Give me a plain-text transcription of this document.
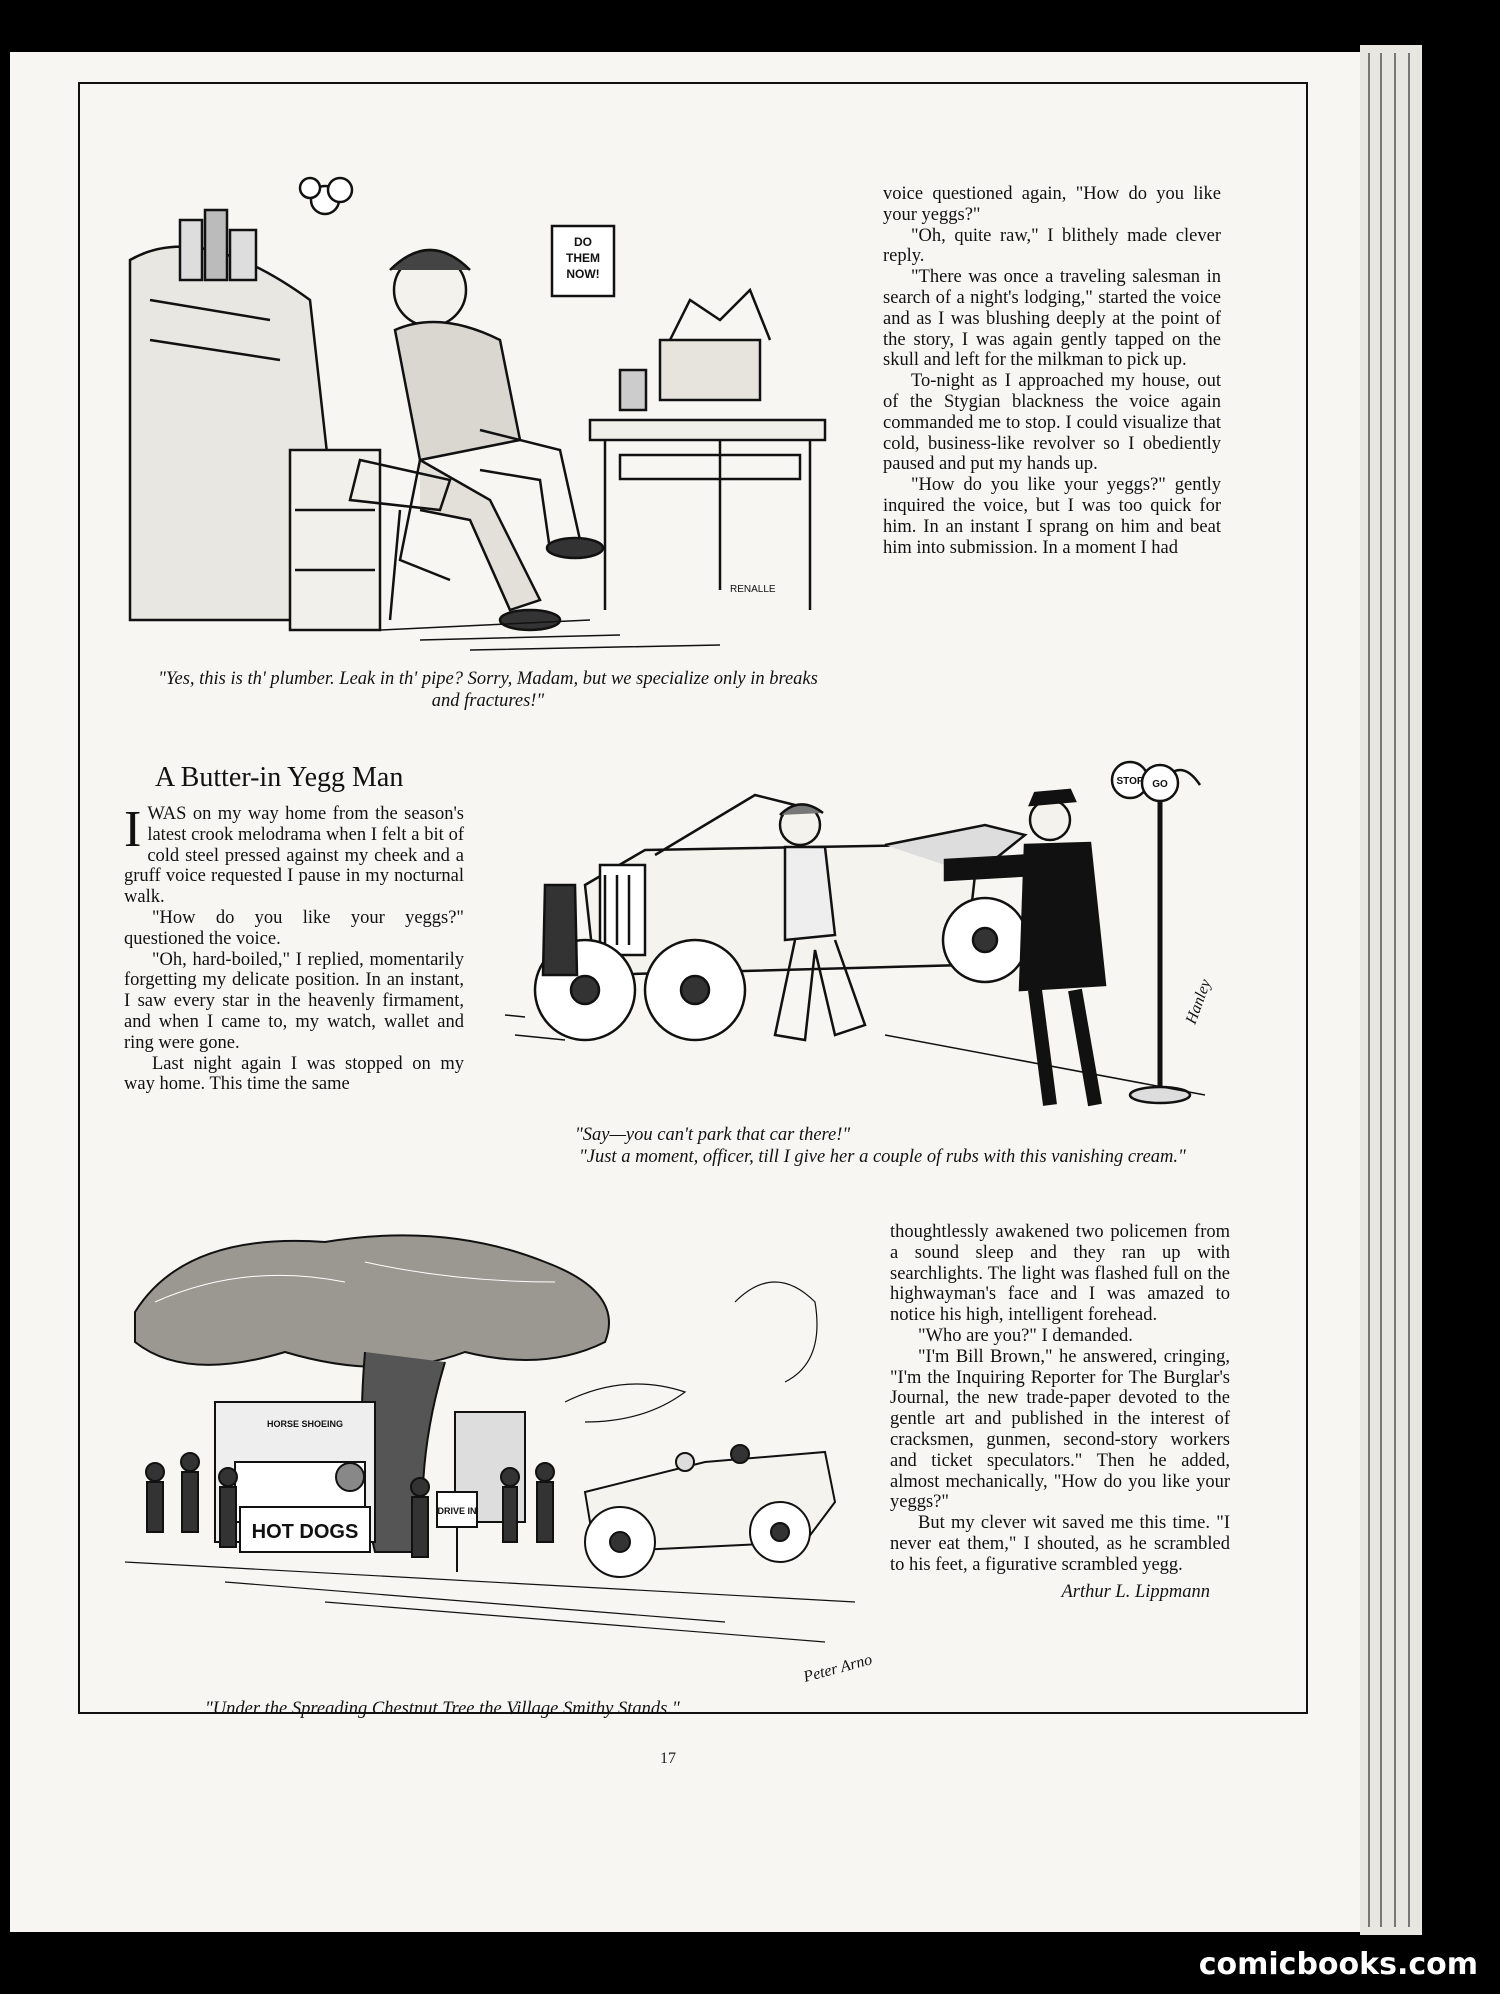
DO
THEM
NOW!
RENALLE
"Yes, this is th' plumber. Leak in th' pipe? Sorry, Madam, but we specialize only in breaks and fractures!"

voice questioned again, "How do you like your yeggs?"

"Oh, quite raw," I blithely made clever reply.

"There was once a traveling salesman in search of a night's lodging," started the voice and as I was blushing deeply at the point of the story, I was again gently tapped on the skull and left for the milkman to pick up.

To-night as I approached my house, out of the Stygian blackness the voice again commanded me to stop. I could visualize that cold, business-like revolver so I obediently paused and put my hands up.

"How do you like your yeggs?" gently inquired the voice, but I was too quick for him. In an instant I sprang on him and beat him into submission. In a moment I had

A Butter-in Yegg Man

IWAS on my way home from the season's latest crook melodrama when I felt a bit of cold steel pressed against my cheek and a gruff voice requested I pause in my nocturnal walk.

"How do you like your yeggs?" questioned the voice.

"Oh, hard-boiled," I replied, momentarily forgetting my delicate position. In an instant, I saw every star in the heavenly firmament, and when I came to, my watch, wallet and ring were gone.

Last night again I was stopped on my way home. This time the same

STOP GO
Hanley
"Say—you can't park that car there!"
"Just a moment, officer, till I give her a couple of rubs with this vanishing cream."
HOT DOGS
DRIVE IN
HORSE SHOEING
Peter Arno
"Under the Spreading Chestnut Tree the Village Smithy Stands."

thoughtlessly awakened two policemen from a sound sleep and they ran up with searchlights. The light was flashed full on the highwayman's face and I was amazed to notice his high, intelligent forehead.

"Who are you?" I demanded.

"I'm Bill Brown," he answered, cringing, "I'm the Inquiring Reporter for The Burglar's Journal, the new trade-paper devoted to the gentle art and published in the interest of cracksmen, gunmen, second-story workers and ticket speculators." Then he added, almost mechanically, "How do you like your yeggs?"

But my clever wit saved me this time. "I never eat them," I shouted, as he scrambled to his feet, a figurative scrambled yegg.

Arthur L. Lippmann

17
comicbooks.com
